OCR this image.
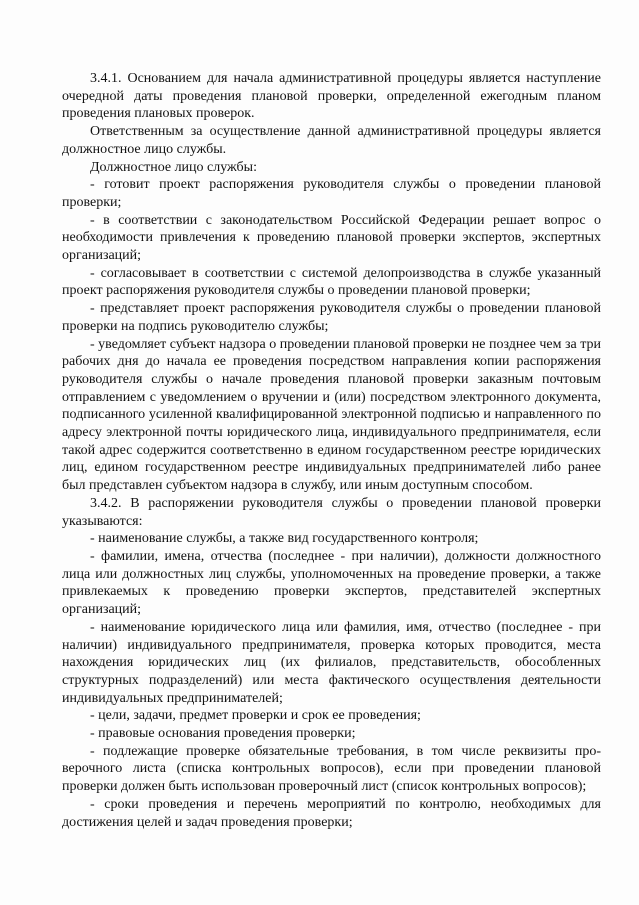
3.4.1. Основанием для начала административной процедуры является наступление очередной даты проведения плановой проверки, определенной ежегодным планом проведения плановых проверок.

Ответственным за осуществление данной административной процедуры является должностное лицо службы.

Должностное лицо службы:

- готовит проект распоряжения руководителя службы о проведении плановой проверки;

- в соответствии с законодательством Российской Федерации решает вопрос о необходимости привлечения к проведению плановой проверки экспертов, экспертных организаций;

- согласовывает в соответствии с системой делопроизводства в службе указанный проект распоряжения руководителя службы о проведении плановой проверки;

- представляет проект распоряжения руководителя службы о проведении плановой проверки на подпись руководителю службы;

- уведомляет субъект надзора о проведении плановой проверки не позднее чем за три рабочих дня до начала ее проведения посредством направления копии распоряжения руководителя службы о начале проведения плановой проверки заказным почтовым отправлением с уведомлением о вручении и (или) посредством электронного документа, подписанного усиленной квалифицированной электронной подписью и направленного по адресу электронной почты юридического лица, индивидуального предпринимателя, если такой адрес содержится соответственно в едином государственном реестре юридических лиц, едином государственном реестре индивидуальных предпринимателей либо ранее был представлен субъектом надзора в службу, или иным доступным способом.

3.4.2. В распоряжении руководителя службы о проведении плановой проверки указываются:

- наименование службы, а также вид государственного контроля;

- фамилии, имена, отчества (последнее - при наличии), должности должностного лица или должностных лиц службы, уполномоченных на проведение проверки, а также привлекаемых к проведению проверки экспертов, представителей экспертных организаций;

- наименование юридического лица или фамилия, имя, отчество (последнее - при наличии) индивидуального предпринимателя, проверка которых проводится, места нахождения юридических лиц (их филиалов, представительств, обособленных структурных подразделений) или места фактического осуществления деятельности индивидуальных предпринимателей;

- цели, задачи, предмет проверки и срок ее проведения;

- правовые основания проведения проверки;

- подлежащие проверке обязательные требования, в том числе реквизиты проверочного листа (списка контрольных вопросов), если при проведении плановой проверки должен быть использован проверочный лист (список контрольных вопросов);

- сроки проведения и перечень мероприятий по контролю, необходимых для достижения целей и задач проведения проверки;
